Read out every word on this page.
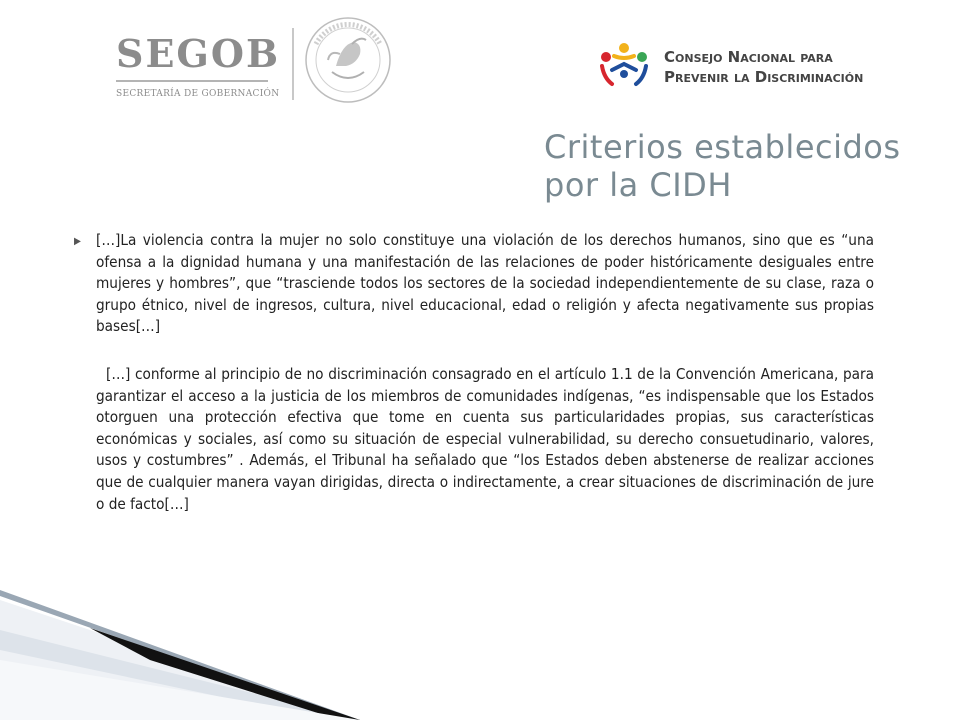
SEGOB
SECRETARÍA DE GOBERNACIÓN
Consejo Nacional para
Prevenir la Discriminación
Criterios establecidos
por la CIDH
▶ […]La violencia contra la mujer no solo constituye una violación de los derechos humanos, sino que es “una ofensa a la dignidad humana y una manifestación de las relaciones de poder históricamente desiguales entre mujeres y hombres”, que “trasciende todos los sectores de la sociedad independientemente de su clase, raza o grupo étnico, nivel de ingresos, cultura, nivel educacional, edad o religión y afecta negativamente sus propias bases[…]
[…] conforme al principio de no discriminación consagrado en el artículo 1.1 de la Convención Americana, para garantizar el acceso a la justicia de los miembros de comunidades indígenas, “es indispensable que los Estados otorguen una protección efectiva que tome en cuenta sus particularidades propias, sus características económicas y sociales, así como su situación de especial vulnerabilidad, su derecho consuetudinario, valores, usos y costumbres” . Además, el Tribunal ha señalado que “los Estados deben abstenerse de realizar acciones que de cualquier manera vayan dirigidas, directa o indirectamente, a crear situaciones de discriminación de jure o de facto[…]
